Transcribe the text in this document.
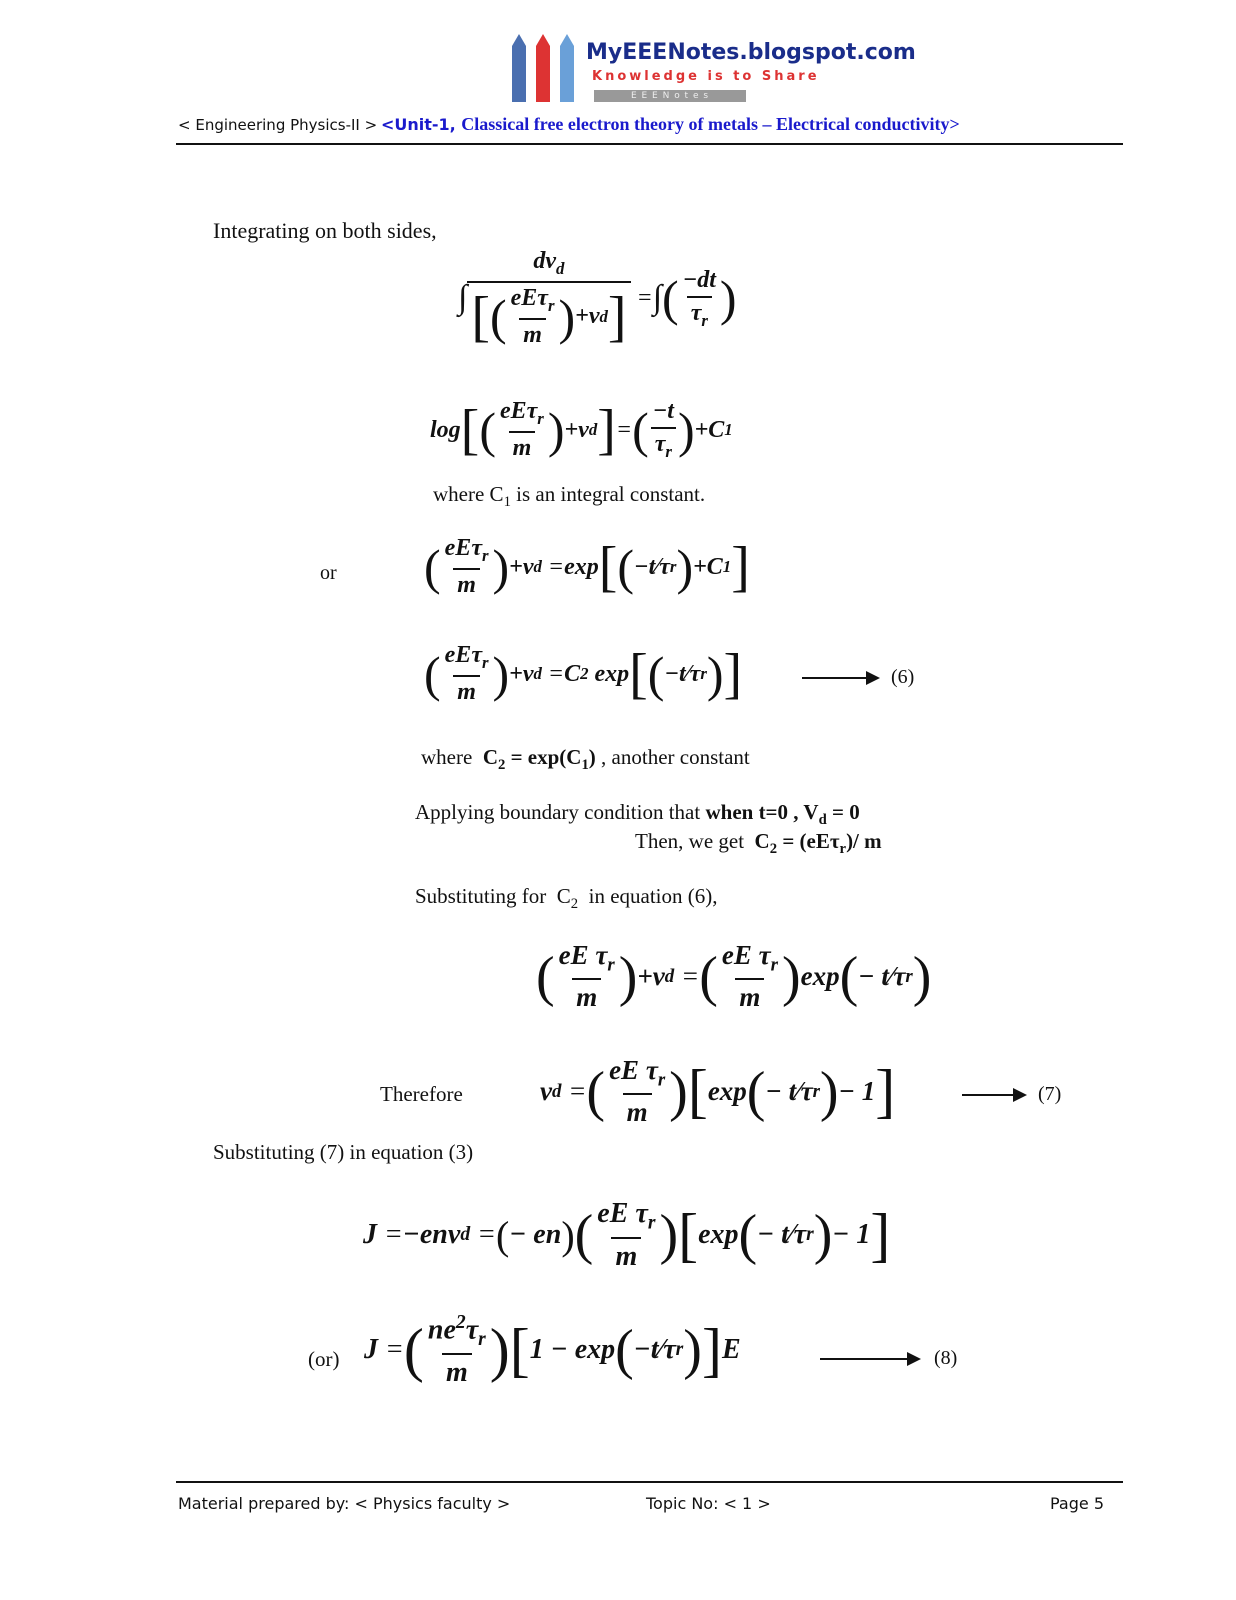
MyEEENotes.blogspot.com
Knowledge is to Share
E E E N o t e s
< Engineering Physics-II > <Unit-1, Classical free electron theory of metals – Electrical conductivity>
Integrating on both sides,
∫
$dv_d$
[ ( eEτ$_r$
m ) +v d ] = ∫ ( −dt
$\tau_r$ )
log [ ( eEτ$_r$
m ) +v d ] = ( −t
$\tau_r$ ) +C 1
where $C_1$ is an integral constant.
or ( eEτ$_r$
m ) +v d
= exp [ ( −t⁄τ r ) +C 1 ]
( eEτ$_r$
m ) +v d
= C 2 exp [ ( −t⁄τ r ) ]	(6)
where $C_2 = \exp(C_1)$ , another constant
Applying boundary condition that when t=0 , $V_d = 0$
Then, we get $C_2 = (eE\tau_r)/$ m
Substituting for $C_2$ in equation (6),
( eE $\tau_r$
m ) +v d
= ( eE $\tau_r$
m ) exp ( − t⁄τ r )
Therefore	v d
= ( eE $\tau_r$
m ) [ exp ( − t⁄τ r ) − 1 ]	(7)
Substituting (7) in equation (3)
J = −env d
= ( − en ) ( eE $\tau_r$
m ) [ exp ( − t⁄τ r ) − 1 ]
(or) J = ( $ne^2\tau_r$
m ) [ 1 − exp ( −t⁄τ r ) ] E	(8)
Material prepared by: < Physics faculty >	Topic No: < 1 >	Page 5
